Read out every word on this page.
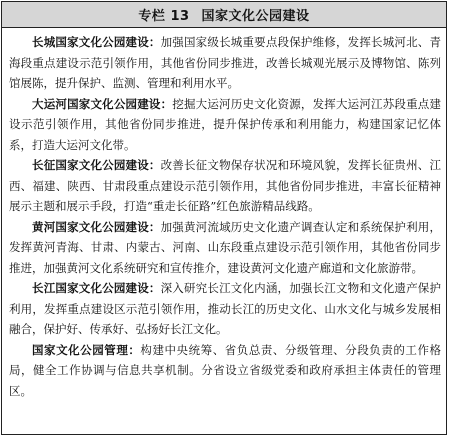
专栏 13 国家文化公园建设

长城国家文化公园建设：加强国家级长城重要点段保护维修，发挥长城河北、青海段重点建设示范引领作用，其他省份同步推进，改善长城观光展示及博物馆、陈列馆展陈，提升保护、监测、管理和利用水平。

大运河国家文化公园建设：挖掘大运河历史文化资源，发挥大运河江苏段重点建设示范引领作用，其他省份同步推进，提升保护传承和利用能力，构建国家记忆体系，打造大运河文化带。

长征国家文化公园建设：改善长征文物保存状况和环境风貌，发挥长征贵州、江西、福建、陕西、甘肃段重点建设示范引领作用，其他省份同步推进，丰富长征精神展示主题和展示手段，打造“重走长征路”红色旅游精品线路。

黄河国家文化公园建设：加强黄河流域历史文化遗产调查认定和系统保护利用，发挥黄河青海、甘肃、内蒙古、河南、山东段重点建设示范引领作用，其他省份同步推进，加强黄河文化系统研究和宣传推介，建设黄河文化遗产廊道和文化旅游带。

长江国家文化公园建设：深入研究长江文化内涵，加强长江文物和文化遗产保护利用，发挥重点建设区示范引领作用，推动长江的历史文化、山水文化与城乡发展相融合，保护好、传承好、弘扬好长江文化。

国家文化公园管理：构建中央统筹、省负总责、分级管理、分段负责的工作格局，健全工作协调与信息共享机制。分省设立省级党委和政府承担主体责任的管理区。
